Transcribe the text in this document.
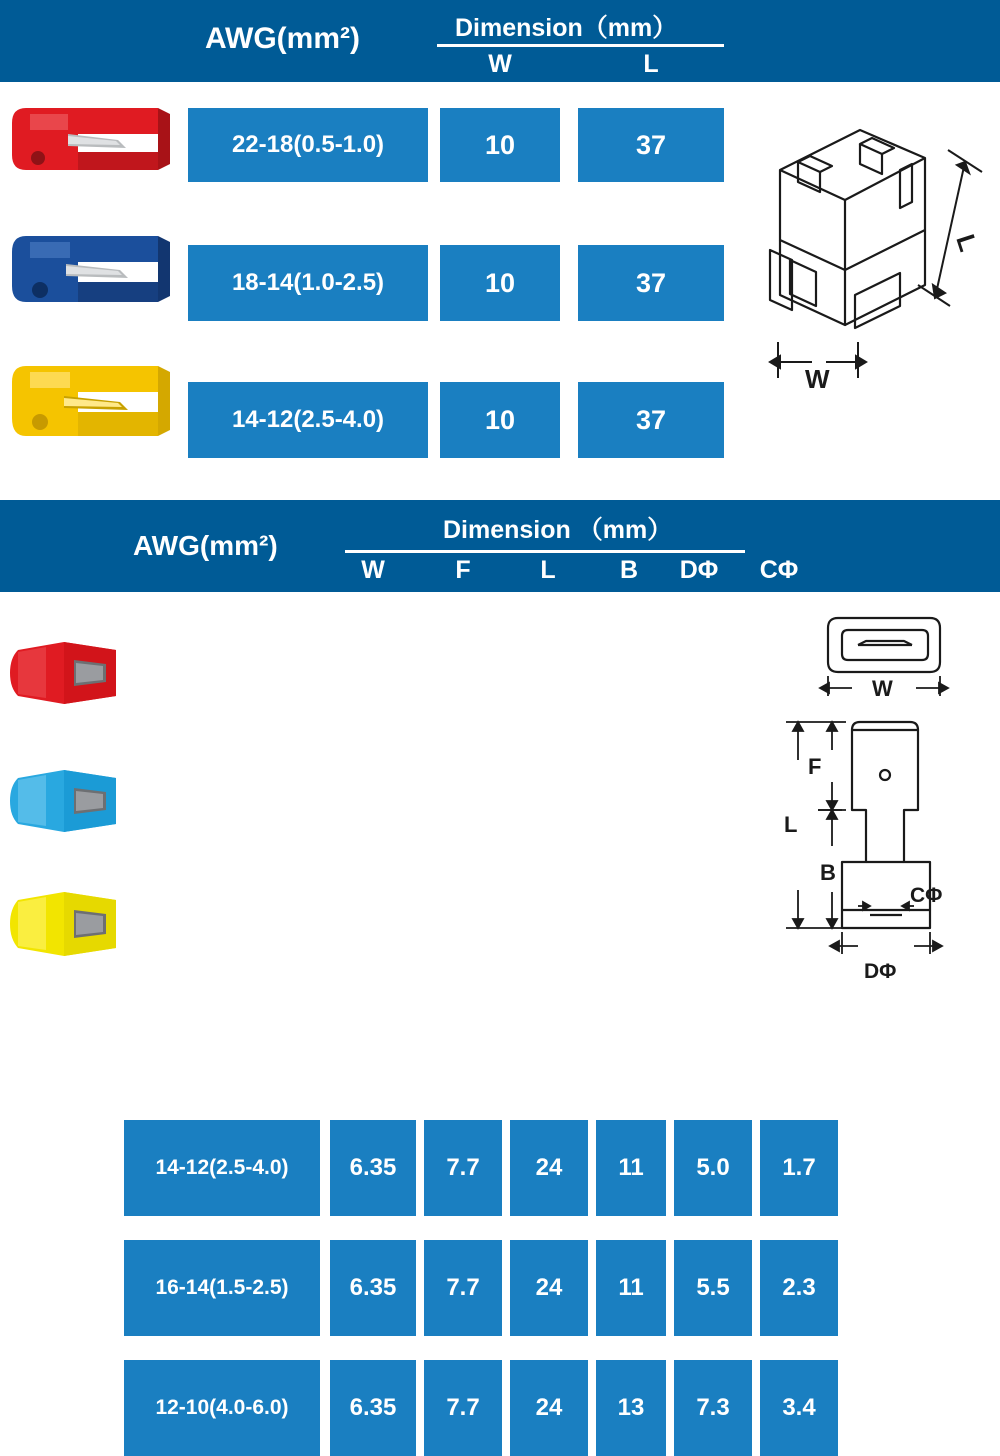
AWG(mm²)	Dimension（mm）
W	L
22-18(0.5-1.0)	10	37
18-14(1.0-2.5)	10	37
14-12(2.5-4.0)	10	37
L
W
AWG(mm²)	Dimension （mm）
W	F	L	B	DΦ	CΦ
14-12(2.5-4.0)	6.35	7.7	24	11	5.0	1.7
16-14(1.5-2.5)	6.35	7.7	24	11	5.5	2.3
12-10(4.0-6.0)	6.35	7.7	24	13	7.3	3.4
W
F
L
B
CΦ
DΦ
